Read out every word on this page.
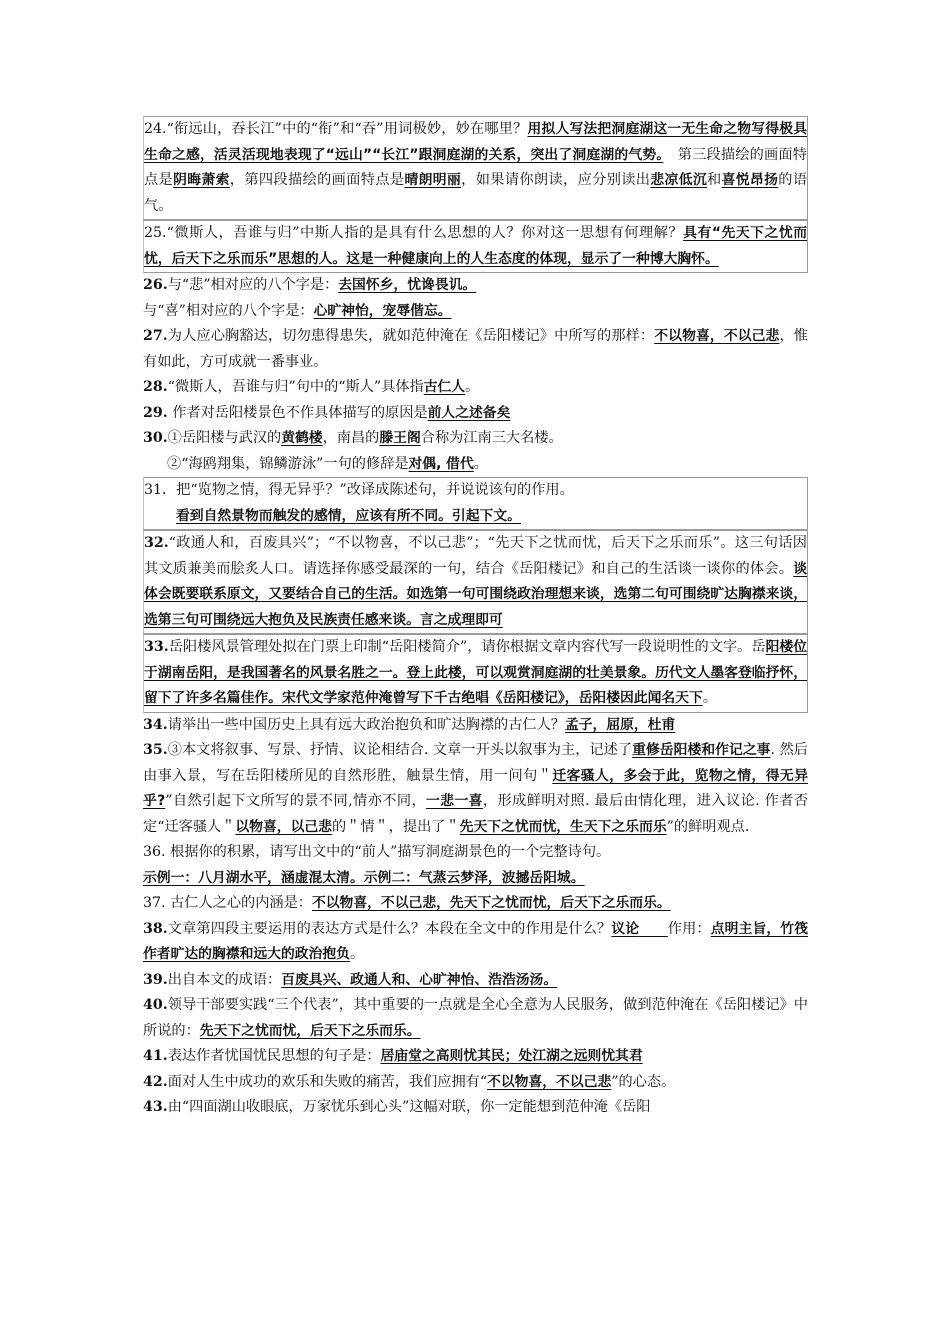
24.“衔远山，吞长江”中的“衔”和“吞”用词极妙，妙在哪里？用拟人写法把洞庭湖这一无生命之物写得极具生命之感，活灵活现地表现了“远山”“长江”跟洞庭湖的关系，突出了洞庭湖的气势。　 第三段描绘的画面特点是阴晦萧索，第四段描绘的画面特点是晴朗明丽，如果请你朗读，应分别读出悲凉低沉和喜悦昂扬的语气。
25.“微斯人，吾谁与归”中斯人指的是具有什么思想的人？你对这一思想有何理解？具有“先天下之忧而忧，后天下之乐而乐”思想的人。这是一种健康向上的人生态度的体现，显示了一种博大胸怀。

26.与“悲”相对应的八个字是：去国怀乡，忧谗畏讥。
与“喜”相对应的八个字是：心旷神怡，宠辱偕忘。

27.为人应心胸豁达，切勿患得患失，就如范仲淹在《岳阳楼记》中所写的那样：不以物喜，不以己悲，惟有如此，方可成就一番事业。

28.“微斯人，吾谁与归”句中的“斯人”具体指古仁人。

29. 作者对岳阳楼景色不作具体描写的原因是前人之述备矣

30.①岳阳楼与武汉的黄鹤楼，南昌的滕王阁合称为江南三大名楼。
②“海鸥翔集，锦鳞游泳”一句的修辞是对偶, 借代。

31．把“览物之情，得无异乎？”改译成陈述句，并说说该句的作用。
看到自然景物而触发的感情，应该有所不同。引起下文。
32.“政通人和，百废具兴”；“不以物喜，不以己悲”；“先天下之忧而忧，后天下之乐而乐”。这三句话因其文质兼美而脍炙人口。请选择你感受最深的一句，结合《岳阳楼记》和自己的生活谈一谈你的体会。谈体会既要联系原文，又要结合自己的生活。如选第一句可围绕政治理想来谈，选第二句可围绕旷达胸襟来谈，选第三句可围绕远大抱负及民族责任感来谈。言之成理即可
33.岳阳楼风景管理处拟在门票上印制“岳阳楼简介”，请你根据文章内容代写一段说明性的文字。岳阳楼位于湖南岳阳，是我国著名的风景名胜之一。登上此楼，可以观赏洞庭湖的壮美景象。历代文人墨客登临抒怀，留下了许多名篇佳作。宋代文学家范仲淹曾写下千古绝唱《岳阳楼记》，岳阳楼因此闻名天下。

34.请举出一些中国历史上具有远大政治抱负和旷达胸襟的古仁人？孟子，屈原，杜甫

35.③本文将叙事、写景、抒情、议论相结合. 文章一开头以叙事为主，记述了重修岳阳楼和作记之事. 然后由事入景，写在岳阳楼所见的自然形胜，触景生情，用一问句＂迁客骚人，多会于此，览物之情，得无异乎?”自然引起下文所写的景不同,情亦不同，一悲一喜，形成鲜明对照. 最后由情化理，进入议论. 作者否定“迁客骚人＂以物喜，以己悲的＂情＂，提出了＂先天下之忧而忧，生天下之乐而乐”的鲜明观点.

36. 根据你的积累，请写出文中的“前人”描写洞庭湖景色的一个完整诗句。
示例一：八月湖水平，涵虚混太清。示例二：气蒸云梦泽，波撼岳阳城。

37. 古仁人之心的内涵是：不以物喜，不以己悲，先天下之忧而忧，后天下之乐而乐。

38.文章第四段主要运用的表达方式是什么？本段在全文中的作用是什么？议论　　 作用：点明主旨，竹筏作者旷达的胸襟和远大的政治抱负。

39.出自本文的成语：百废具兴、政通人和、心旷神怡、浩浩汤汤。

40.领导干部要实践“三个代表”，其中重要的一点就是全心全意为人民服务，做到范仲淹在《岳阳楼记》中所说的：先天下之忧而忧，后天下之乐而乐。

41.表达作者忧国忧民思想的句子是：居庙堂之高则忧其民；处江湖之远则忧其君

42.面对人生中成功的欢乐和失败的痛苦，我们应拥有“不以物喜，不以己悲”的心态。

43.由“四面湖山收眼底，万家忧乐到心头”这幅对联，你一定能想到范仲淹《岳阳
